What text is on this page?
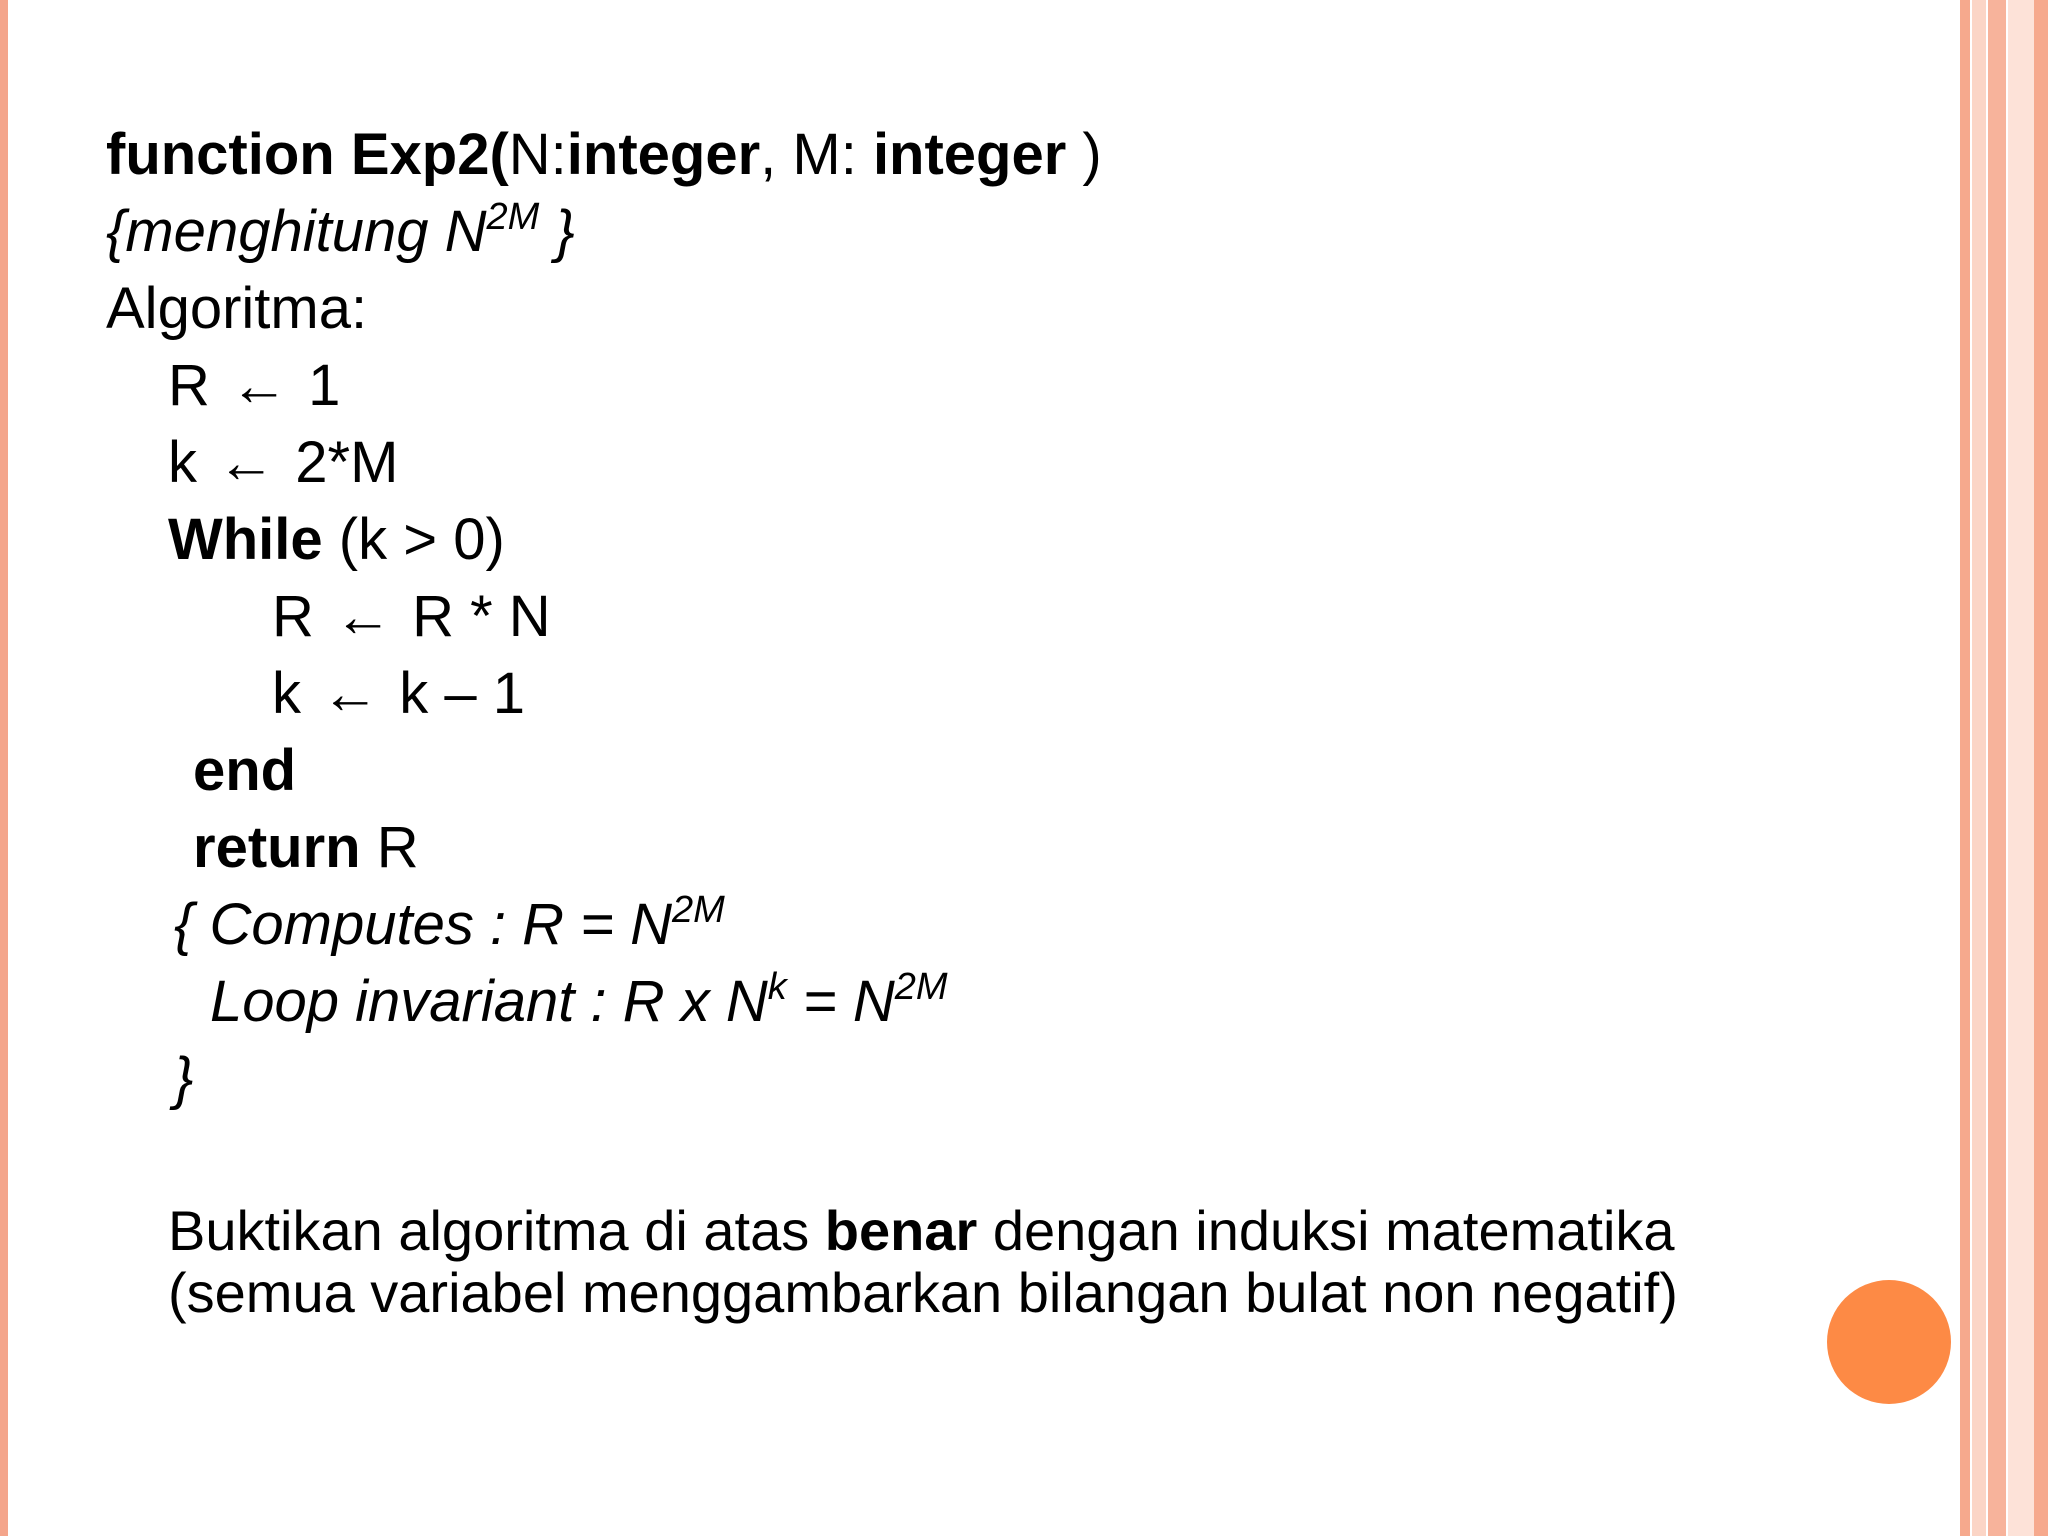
function Exp2(N:integer, M: integer )
{menghitung $N^{2M}$ }
Algoritma:
R ← 1
k ← 2*M
While (k > 0)
R ← R * N
k ← k – 1
end
return R
{ Computes : $R = N^{2M}$
Loop invariant : R x $N^k = N^{2M}$
}
Buktikan algoritma di atas benar dengan induksi matematika
(semua variabel menggambarkan bilangan bulat non negatif)
